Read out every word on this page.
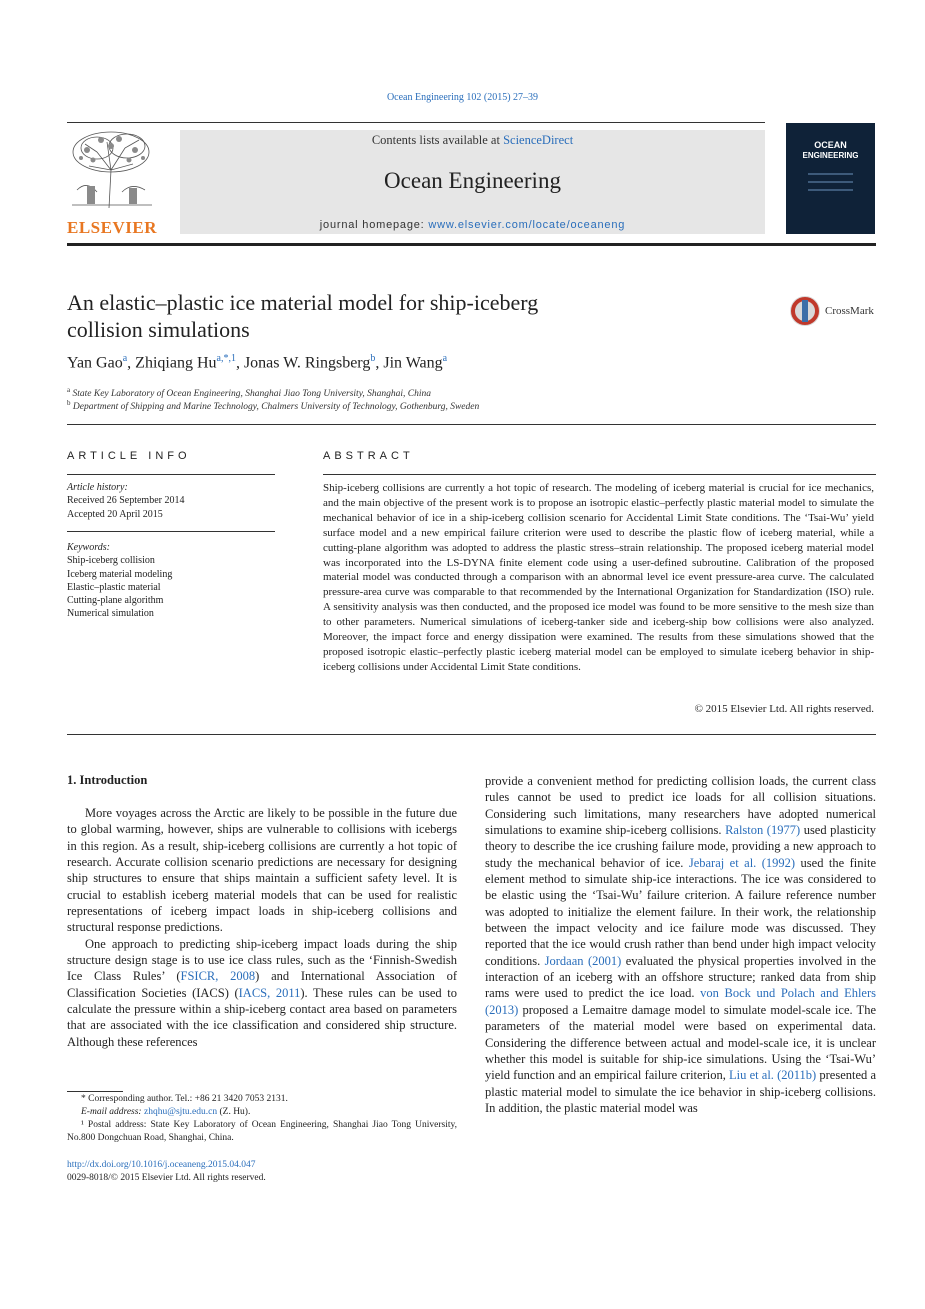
Ocean Engineering 102 (2015) 27–39
ELSEVIER
Contents lists available at ScienceDirect
Ocean Engineering
journal homepage: www.elsevier.com/locate/oceaneng
OCEAN
ENGINEERING
An elastic–plastic ice material model for ship-iceberg
collision simulations
CrossMark
Yan Gao$^a$, Zhiqiang $Hu^{a,*,1}$, Jonas W. Ringsberg$^b$, Jin Wang$^a$
$^a$ State Key Laboratory of Ocean Engineering, Shanghai Jiao Tong University, Shanghai, China
$^b$ Department of Shipping and Marine Technology, Chalmers University of Technology, Gothenburg, Sweden
ARTICLE INFO	ABSTRACT
Article history:
Received 26 September 2014
Accepted 20 April 2015
Keywords:
Ship-iceberg collision
Iceberg material modeling
Elastic–plastic material
Cutting-plane algorithm
Numerical simulation
Ship-iceberg collisions are currently a hot topic of research. The modeling of iceberg material is crucial for ice mechanics, and the main objective of the present work is to propose an isotropic elastic–perfectly plastic material model to simulate the mechanical behavior of ice in a ship-iceberg collision scenario for Accidental Limit State conditions. The ‘Tsai-Wu’ yield surface model and a new empirical failure criterion were used to describe the plastic flow of iceberg material, while a cutting-plane algorithm was adopted to address the plastic stress–strain relationship. The proposed iceberg material model was incorporated into the LS-DYNA finite element code using a user-defined subroutine. Calibration of the proposed material model was conducted through a comparison with an abnormal level ice event pressure-area curve. The calculated pressure-area curve was comparable to that recommended by the International Organization for Standardization (ISO) rule. A sensitivity analysis was then conducted, and the proposed ice model was found to be more sensitive to the mesh size than to other parameters. Numerical simulations of iceberg-tanker side and iceberg-ship bow collisions were also analyzed. Moreover, the impact force and energy dissipation were examined. The results from these simulations showed that the proposed isotropic elastic–perfectly plastic iceberg material model can be employed to simulate iceberg behavior in ship-iceberg collisions under Accidental Limit State conditions.
© 2015 Elsevier Ltd. All rights reserved.
1. Introduction

More voyages across the Arctic are likely to be possible in the future due to global warming, however, ships are vulnerable to collisions with icebergs in this region. As a result, ship-iceberg collisions are currently a hot topic of research. Accurate collision scenario predictions are necessary for designing ship structures to ensure that ships maintain a sufficient safety level. It is crucial to establish iceberg material models that can be used for realistic representations of iceberg impact loads in ship-iceberg collisions and structural response predictions.

One approach to predicting ship-iceberg impact loads during the ship structure design stage is to use ice class rules, such as the ‘Finnish-Swedish Ice Class Rules’ (FSICR, 2008) and International Association of Classification Societies (IACS) (IACS, 2011). These rules can be used to calculate the pressure within a ship-iceberg contact area based on parameters that are associated with the ice classification and considered ship structure. Although these references

provide a convenient method for predicting collision loads, the current class rules cannot be used to predict ice loads for all collision situations. Considering such limitations, many researchers have adopted numerical simulations to examine ship-iceberg collisions. Ralston (1977) used plasticity theory to describe the ice crushing failure mode, providing a new approach to study the mechanical behavior of ice. Jebaraj et al. (1992) used the finite element method to simulate ship-ice interactions. The ice was considered to be elastic using the ‘Tsai-Wu’ failure criterion. A failure reference number was adopted to initialize the element failure. In their work, the relationship between the impact velocity and ice failure mode was discussed. They reported that the ice would crush rather than bend under high impact velocity conditions. Jordaan (2001) evaluated the physical properties involved in the interaction of an iceberg with an offshore structure; ranked data from ship rams were used to predict the ice load. von Bock und Polach and Ehlers (2013) proposed a Lemaitre damage model to simulate model-scale ice. The parameters of the material model were based on experimental data. Considering the difference between actual and model-scale ice, it is unclear whether this model is suitable for ship-ice simulations. Using the ‘Tsai-Wu’ yield function and an empirical failure criterion, Liu et al. (2011b) presented a plastic material model to simulate the ice behavior in ship-iceberg collisions. In addition, the plastic material model was

* Corresponding author. Tel.: +86 21 3420 7053 2131.
E-mail address: zhqhu@sjtu.edu.cn (Z. Hu).
¹ Postal address: State Key Laboratory of Ocean Engineering, Shanghai Jiao Tong University, No.800 Dongchuan Road, Shanghai, China.
http://dx.doi.org/10.1016/j.oceaneng.2015.04.047
0029-8018/© 2015 Elsevier Ltd. All rights reserved.
